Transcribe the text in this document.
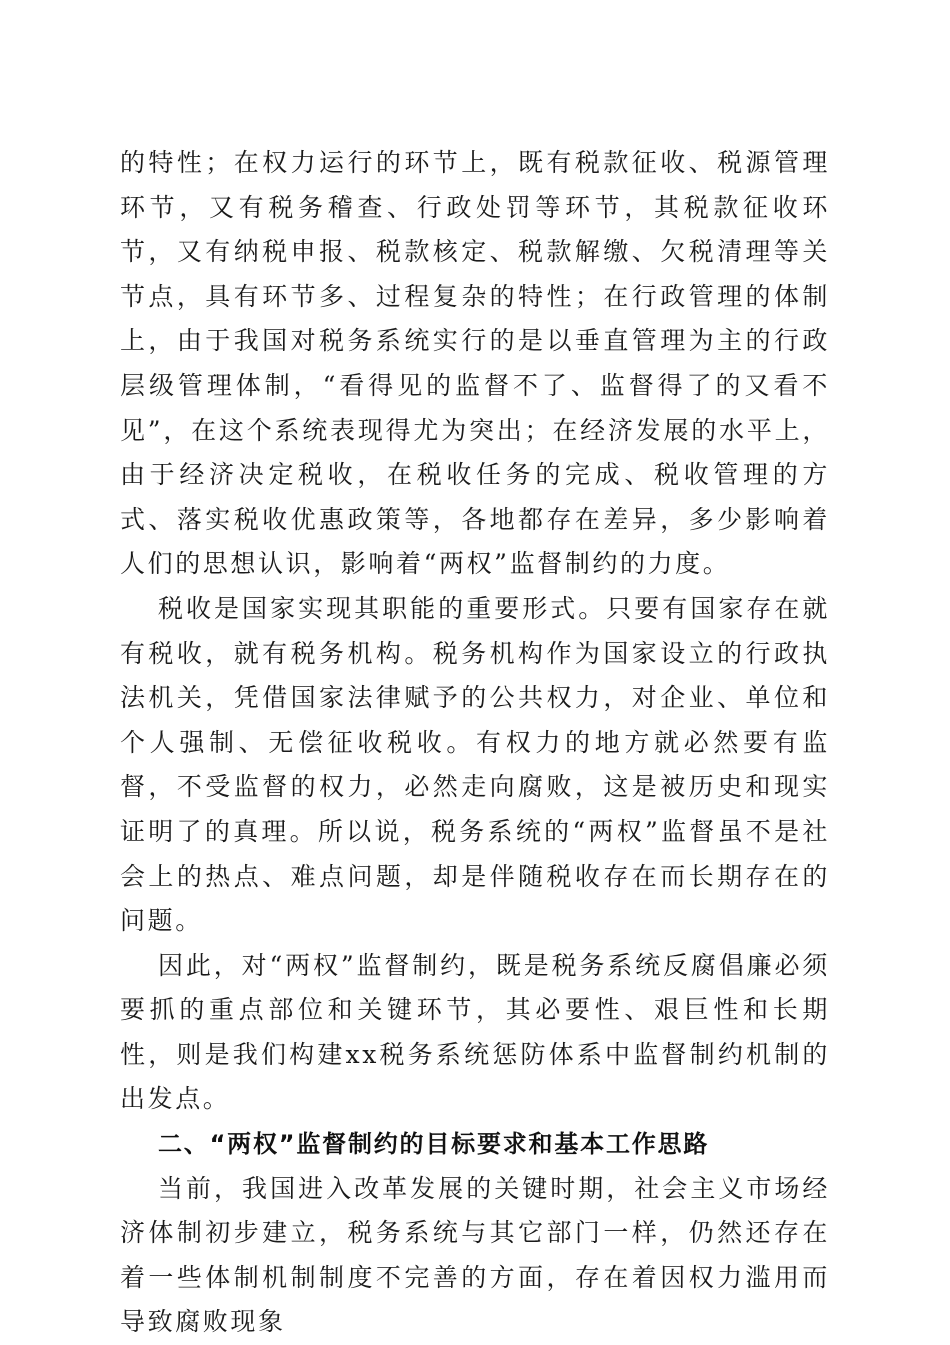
的特性；在权力运行的环节上，既有税款征收、税源管理环节，又有税务稽查、行政处罚等环节，其税款征收环节，又有纳税申报、税款核定、税款解缴、欠税清理等关节点，具有环节多、过程复杂的特性；在行政管理的体制上，由于我国对税务系统实行的是以垂直管理为主的行政层级管理体制，“看得见的监督不了、监督得了的又看不见”，在这个系统表现得尤为突出；在经济发展的水平上，由于经济决定税收，在税收任务的完成、税收管理的方式、落实税收优惠政策等，各地都存在差异，多少影响着人们的思想认识，影响着“两权”监督制约的力度。

税收是国家实现其职能的重要形式。只要有国家存在就有税收，就有税务机构。税务机构作为国家设立的行政执法机关，凭借国家法律赋予的公共权力，对企业、单位和个人强制、无偿征收税收。有权力的地方就必然要有监督，不受监督的权力，必然走向腐败，这是被历史和现实证明了的真理。所以说，税务系统的“两权”监督虽不是社会上的热点、难点问题，却是伴随税收存在而长期存在的问题。

因此，对“两权”监督制约，既是税务系统反腐倡廉必须要抓的重点部位和关键环节，其必要性、艰巨性和长期性，则是我们构建xx税务系统惩防体系中监督制约机制的出发点。

二、“两权”监督制约的目标要求和基本工作思路

当前，我国进入改革发展的关键时期，社会主义市场经济体制初步建立，税务系统与其它部门一样，仍然还存在着一些体制机制制度不完善的方面，存在着因权力滥用而导致腐败现象
